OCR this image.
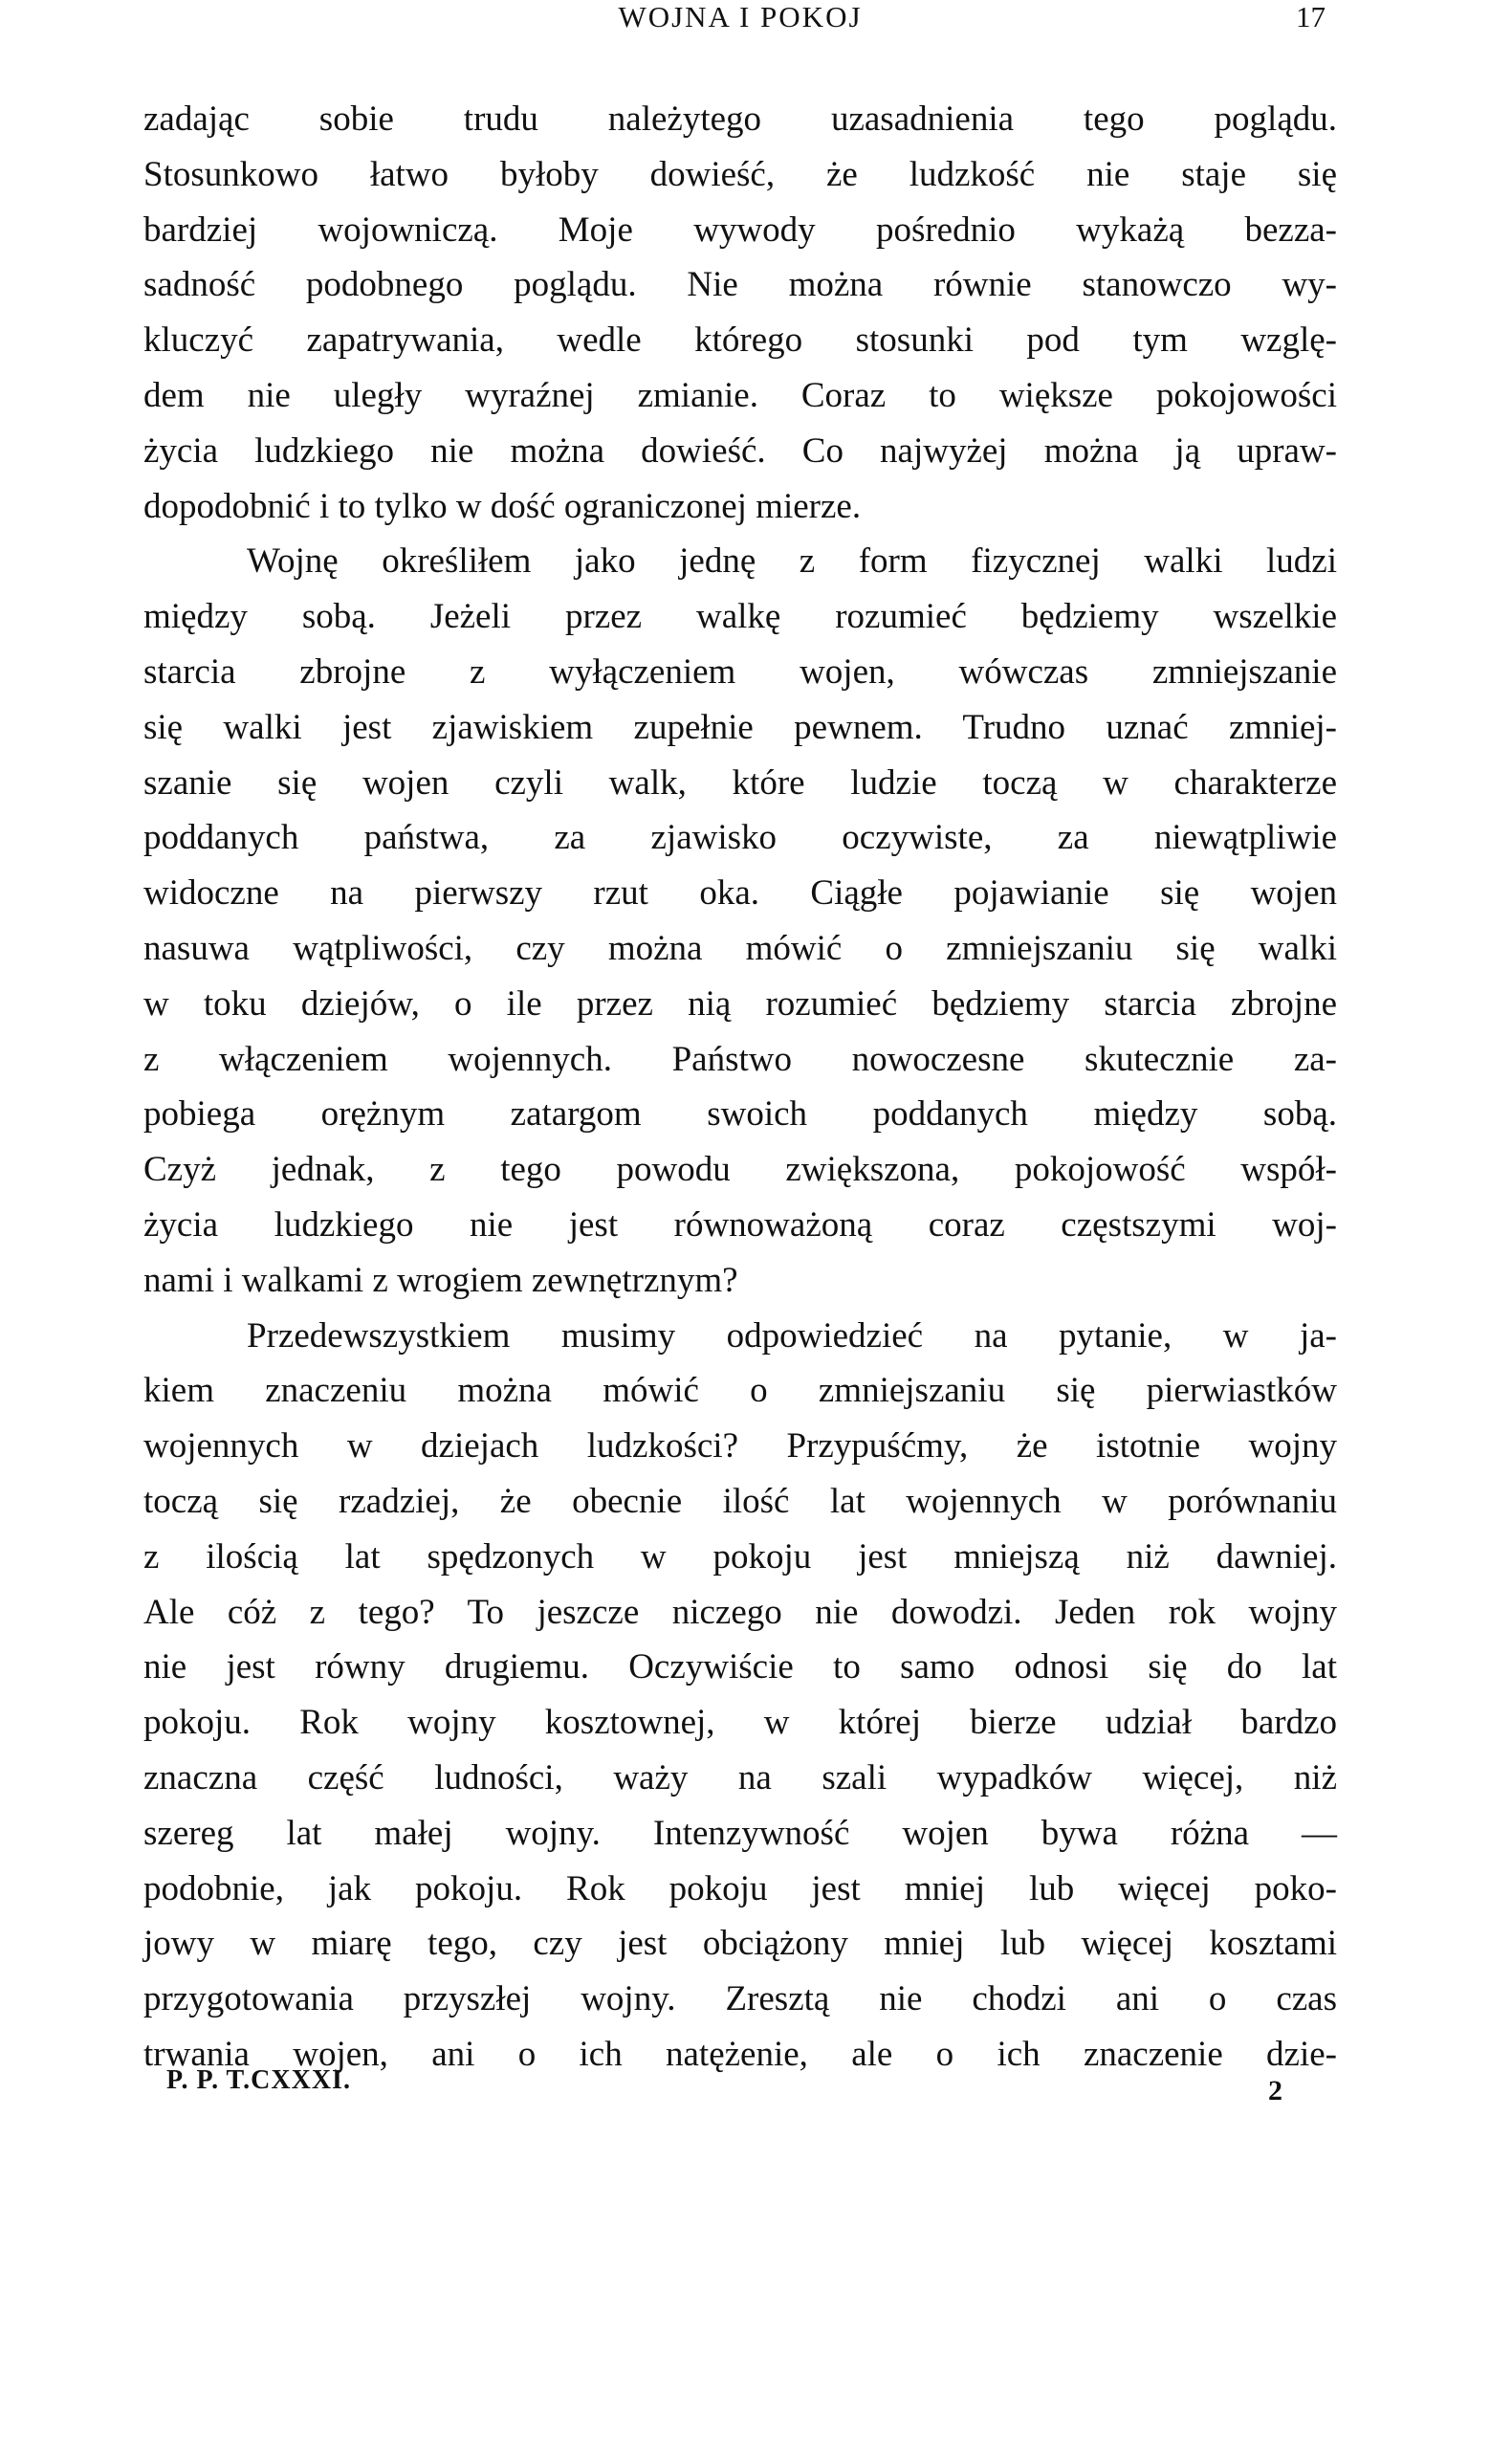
WOJNA I POKOJ	17
zadając sobie trudu należytego uzasadnienia tego poglądu.
Stosunkowo łatwo byłoby dowieść, że ludzkość nie staje się
bardziej wojowniczą. Moje wywody pośrednio wykażą bezza-
sadność podobnego poglądu. Nie można równie stanowczo wy-
kluczyć zapatrywania, wedle którego stosunki pod tym wzglę-
dem nie uległy wyraźnej zmianie. Coraz to większe pokojowości
życia ludzkiego nie można dowieść. Co najwyżej można ją upraw-
dopodobnić i to tylko w dość ograniczonej mierze.
Wojnę określiłem jako jednę z form fizycznej walki ludzi
między sobą. Jeżeli przez walkę rozumieć będziemy wszelkie
starcia zbrojne z wyłączeniem wojen, wówczas zmniejszanie
się walki jest zjawiskiem zupełnie pewnem. Trudno uznać zmniej-
szanie się wojen czyli walk, które ludzie toczą w charakterze
poddanych państwa, za zjawisko oczywiste, za niewątpliwie
widoczne na pierwszy rzut oka. Ciągłe pojawianie się wojen
nasuwa wątpliwości, czy można mówić o zmniejszaniu się walki
w toku dziejów, o ile przez nią rozumieć będziemy starcia zbrojne
z włączeniem wojennych. Państwo nowoczesne skutecznie za-
pobiega orężnym zatargom swoich poddanych między sobą.
Czyż jednak, z tego powodu zwiększona, pokojowość współ-
życia ludzkiego nie jest równoważoną coraz częstszymi woj-
nami i walkami z wrogiem zewnętrznym?
Przedewszystkiem musimy odpowiedzieć na pytanie, w ja-
kiem znaczeniu można mówić o zmniejszaniu się pierwiastków
wojennych w dziejach ludzkości? Przypuśćmy, że istotnie wojny
toczą się rzadziej, że obecnie ilość lat wojennych w porównaniu
z ilością lat spędzonych w pokoju jest mniejszą niż dawniej.
Ale cóż z tego? To jeszcze niczego nie dowodzi. Jeden rok wojny
nie jest równy drugiemu. Oczywiście to samo odnosi się do lat
pokoju. Rok wojny kosztownej, w której bierze udział bardzo
znaczna część ludności, waży na szali wypadków więcej, niż
szereg lat małej wojny. Intenzywność wojen bywa różna —
podobnie, jak pokoju. Rok pokoju jest mniej lub więcej poko-
jowy w miarę tego, czy jest obciążony mniej lub więcej kosztami
przygotowania przyszłej wojny. Zresztą nie chodzi ani o czas
trwania wojen, ani o ich natężenie, ale o ich znaczenie dzie-
P. P. T.CXXXI.	2
